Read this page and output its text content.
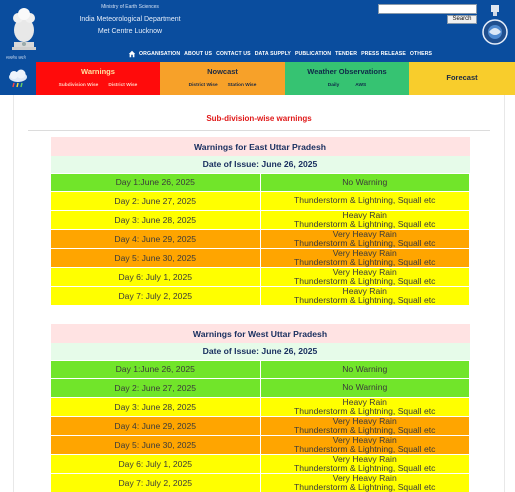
सत्यमेव जयते
Ministry of Earth Sciences
India Meteorological Department
Met Centre Lucknow
Search
ORGANISATION ABOUT US CONTACT US DATA SUPPLY PUBLICATION TENDER PRESS RELEASE OTHERS
Warnings
Subdivision Wise District Wise
Nowcast
District Wise Station Wise
Weather Observations
Daily	AWS
Forecast
Sub-division-wise warnings
Warnings for East Uttar Pradesh	
Date of Issue: June 26, 2025	
Day 1:June 26, 2025	No Warning

Day 2: June 27, 2025	Thunderstorm & Lightning, Squall etc

Day 3: June 28, 2025	Heavy Rain
Thunderstorm & Lightning, Squall etc

Day 4: June 29, 2025	Very Heavy Rain
Thunderstorm & Lightning, Squall etc

Day 5: June 30, 2025	Very Heavy Rain
Thunderstorm & Lightning, Squall etc

Day 6: July 1, 2025	Very Heavy Rain
Thunderstorm & Lightning, Squall etc

Day 7: July 2, 2025	Heavy Rain
Thunderstorm & Lightning, Squall etc
Warnings for West Uttar Pradesh	
Date of Issue: June 26, 2025	
Day 1:June 26, 2025	No Warning

Day 2: June 27, 2025	No Warning

Day 3: June 28, 2025	Heavy Rain
Thunderstorm & Lightning, Squall etc

Day 4: June 29, 2025	Very Heavy Rain
Thunderstorm & Lightning, Squall etc

Day 5: June 30, 2025	Very Heavy Rain
Thunderstorm & Lightning, Squall etc

Day 6: July 1, 2025	Very Heavy Rain
Thunderstorm & Lightning, Squall etc

Day 7: July 2, 2025	Very Heavy Rain
Thunderstorm & Lightning, Squall etc
